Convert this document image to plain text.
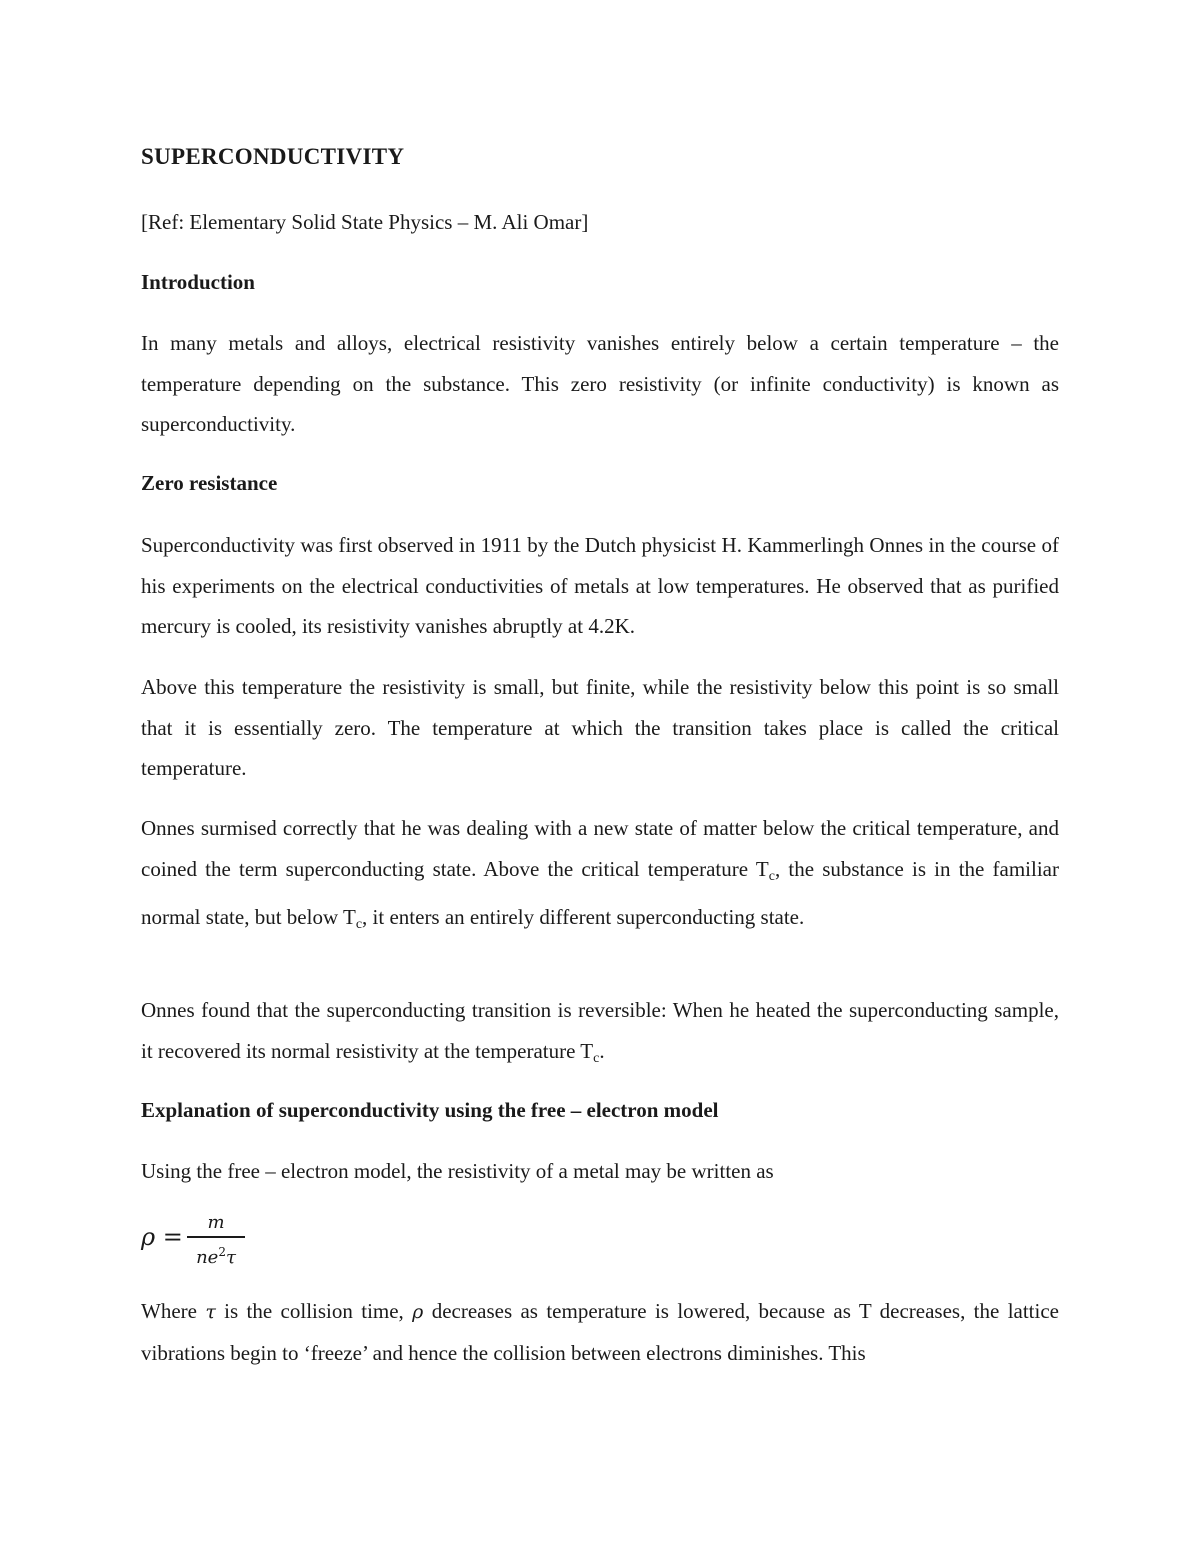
SUPERCONDUCTIVITY

[Ref: Elementary Solid State Physics – M. Ali Omar]

Introduction

In many metals and alloys, electrical resistivity vanishes entirely below a certain temperature – the temperature depending on the substance. This zero resistivity (or infinite conductivity) is known as superconductivity.

Zero resistance

Superconductivity was first observed in 1911 by the Dutch physicist H. Kammerlingh Onnes in the course of his experiments on the electrical conductivities of metals at low temperatures. He observed that as purified mercury is cooled, its resistivity vanishes abruptly at 4.2K.

Above this temperature the resistivity is small, but finite, while the resistivity below this point is so small that it is essentially zero. The temperature at which the transition takes place is called the critical temperature.

Onnes surmised correctly that he was dealing with a new state of matter below the critical temperature, and coined the term superconducting state. Above the critical temperature $T_c$, the substance is in the familiar normal state, but below $T_c$, it enters an entirely different superconducting state.

Onnes found that the superconducting transition is reversible: When he heated the superconducting sample, it recovered its normal resistivity at the temperature $T_c$.

Explanation of superconductivity using the free – electron model

Using the free – electron model, the resistivity of a metal may be written as

ρ =
m
$ne^2\tau$

Where τ is the collision time, ρ decreases as temperature is lowered, because as T decreases, the lattice vibrations begin to ‘freeze’ and hence the collision between electrons diminishes. This
